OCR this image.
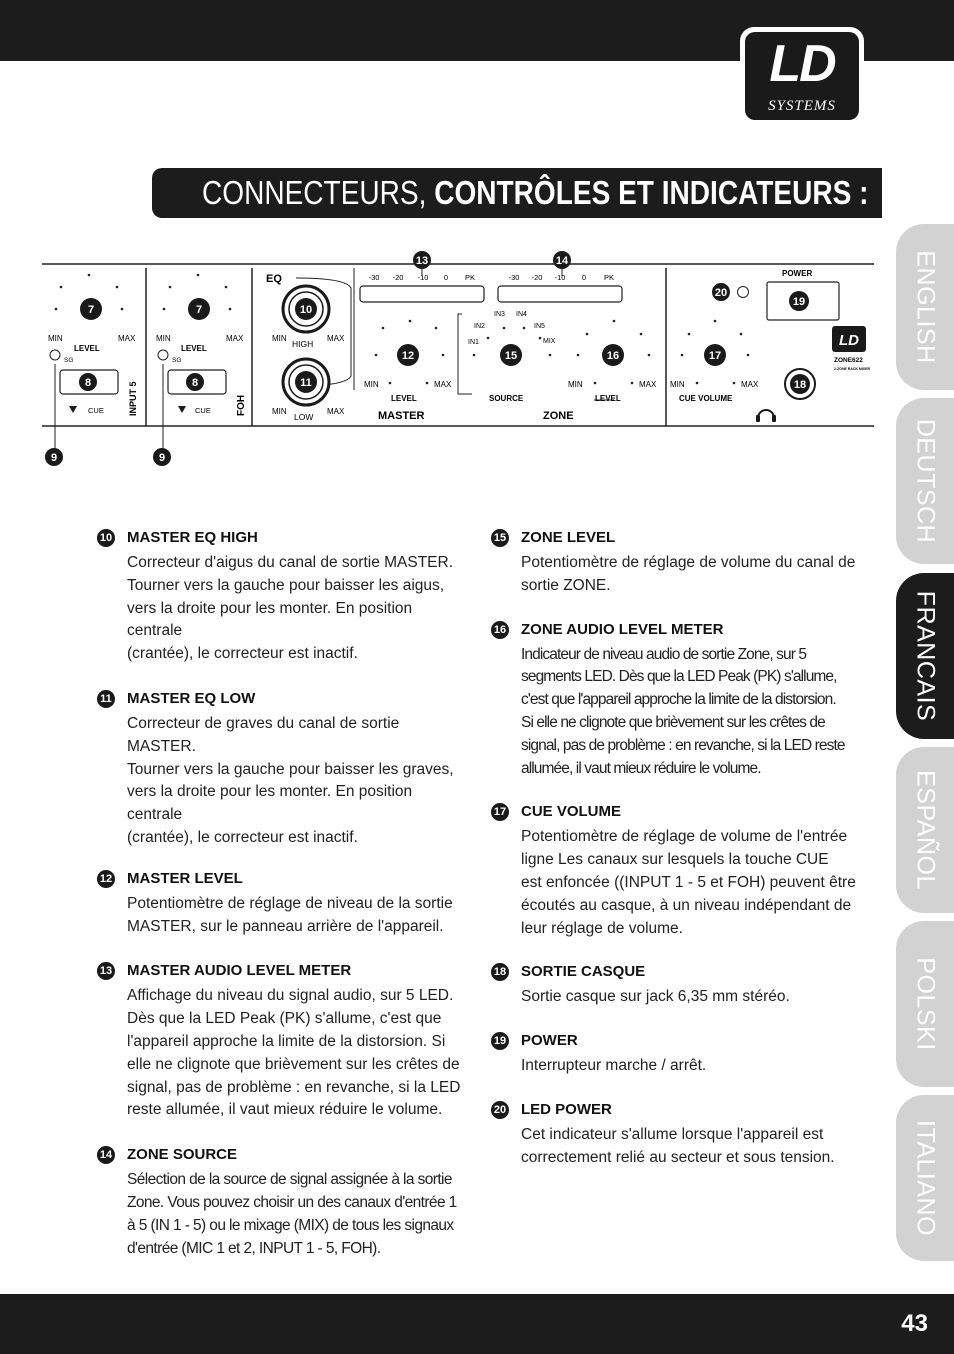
LD
SYSTEMS
CONNECTEURS, CONTRÔLES ET INDICATEURS :
ENGLISH
DEUTSCH
FRANCAIS
ESPAÑOL
POLSKI
ITALIANO
7
MIN	MAX
LEVEL
SG
8
CUE	INPUT 5
7
MIN	MAX
LEVEL
SG
8
CUE	FOH
9	9
EQ
10
MIN	MAX
HIGH
11
MIN	MAX
LOW
13
-30 -20 -10 0 PK
12
MIN	MAX
LEVEL
MASTER
14
-30 -20 -10 0 PK
IN2
IN3 IN4
IN5
IN1	MIX
15
SOURCE
16
MIN	MAX
LEVEL
ZONE
17
MIN	MAX
CUE VOLUME
18
20
POWER
19
LD
ZONE622
2-ZONE RACK MIXER
10 MASTER EQ HIGH
Correcteur d'aigus du canal de sortie MASTER.
Tourner vers la gauche pour baisser les aigus,
vers la droite pour les monter. En position centrale
(crantée), le correcteur est inactif.
11 MASTER EQ LOW
Correcteur de graves du canal de sortie MASTER.
Tourner vers la gauche pour baisser les graves,
vers la droite pour les monter. En position centrale
(crantée), le correcteur est inactif.
12 MASTER LEVEL
Potentiomètre de réglage de niveau de la sortie
MASTER, sur le panneau arrière de l'appareil.
13 MASTER AUDIO LEVEL METER
Affichage du niveau du signal audio, sur 5 LED.
Dès que la LED Peak (PK) s'allume, c'est que
l'appareil approche la limite de la distorsion. Si
elle ne clignote que brièvement sur les crêtes de
signal, pas de problème : en revanche, si la LED
reste allumée, il vaut mieux réduire le volume.
14 ZONE SOURCE
Sélection de la source de signal assignée à la sortie
Zone. Vous pouvez choisir un des canaux d'entrée 1
à 5 (IN 1 - 5) ou le mixage (MIX) de tous les signaux
d'entrée (MIC 1 et 2, INPUT 1 - 5, FOH).
15 ZONE LEVEL
Potentiomètre de réglage de volume du canal de
sortie ZONE.
16 ZONE AUDIO LEVEL METER
Indicateur de niveau audio de sortie Zone, sur 5
segments LED. Dès que la LED Peak (PK) s'allume,
c'est que l'appareil approche la limite de la distorsion.
Si elle ne clignote que brièvement sur les crêtes de
signal, pas de problème : en revanche, si la LED reste
allumée, il vaut mieux réduire le volume.
17 CUE VOLUME
Potentiomètre de réglage de volume de l'entrée
ligne Les canaux sur lesquels la touche CUE
est enfoncée ((INPUT 1 - 5 et FOH) peuvent être
écoutés au casque, à un niveau indépendant de
leur réglage de volume.
18 SORTIE CASQUE
Sortie casque sur jack 6,35 mm stéréo.
19 POWER
Interrupteur marche / arrêt.
20 LED POWER
Cet indicateur s'allume lorsque l'appareil est
correctement relié au secteur et sous tension.
43
